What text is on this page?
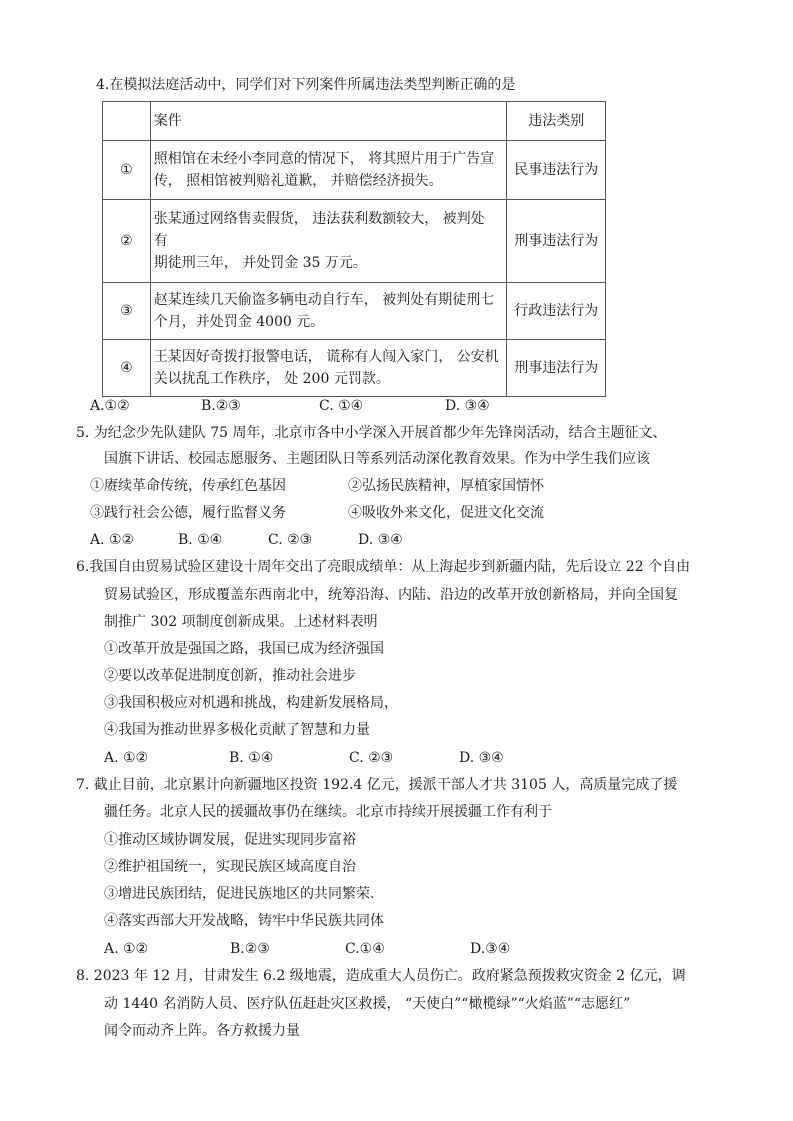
4.在模拟法庭活动中，同学们对下列案件所属违法类型判断正确的是
	案件	违法类别
①	照相馆在未经小李同意的情况下， 将其照片用于广告宣
传， 照相馆被判赔礼道歉， 并赔偿经济损失。	民事违法行为
②	张某通过网络售卖假货， 违法获利数额较大， 被判处
有
期徒刑三年， 并处罚金 35 万元。	刑事违法行为
③	赵某连续几天偷盗多辆电动自行车， 被判处有期徒刑七
个月，并处罚金 4000 元。	行政违法行为
④	王某因好奇拨打报警电话， 谎称有人闯入家门， 公安机
关以扰乱工作秩序， 处 200 元罚款。	刑事违法行为
A.①②	B.②③	C. ①④	D. ③④
5. 为纪念少先队建队 75 周年，北京市各中小学深入开展首都少年先锋岗活动，结合主题征文、
国旗下讲话、校园志愿服务、主题团队日等系列活动深化教育效果。作为中学生我们应该
①赓续革命传统，传承红色基因	②弘扬民族精神，厚植家国情怀
③践行社会公德，履行监督义务	④吸收外来文化，促进文化交流
A. ①②	B. ①④	C. ②③	D. ③④
6.我国自由贸易试验区建设十周年交出了亮眼成绩单：从上海起步到新疆内陆，先后设立 22 个自由
贸易试验区，形成覆盖东西南北中，统筹沿海、内陆、沿边的改革开放创新格局，并向全国复
制推广 302 项制度创新成果。上述材料表明
①改革开放是强国之路，我国已成为经济强国
②要以改革促进制度创新，推动社会进步
③我国积极应对机遇和挑战，构建新发展格局，
④我国为推动世界多极化贡献了智慧和力量
A. ①②	B. ①④	C. ②③	D. ③④
7. 截止目前，北京累计向新疆地区投资 192.4 亿元，援派干部人才共 3105 人，高质量完成了援
疆任务。北京人民的援疆故事仍在继续。北京市持续开展援疆工作有利于
①推动区域协调发展，促进实现同步富裕
②维护祖国统一，实现民族区域高度自治
③增进民族团结，促进民族地区的共同繁荣.
④落实西部大开发战略，铸牢中华民族共同体
A. ①②	B.②③	C.①④	D.③④
8. 2023 年 12 月，甘肃发生 6.2 级地震，造成重大人员伤亡。政府紧急预拨救灾资金 2 亿元，调
动 1440 名消防人员、医疗队伍赶赴灾区救援， “天使白”“橄榄绿”“火焰蓝”“志愿红”
闻令而动齐上阵。各方救援力量
